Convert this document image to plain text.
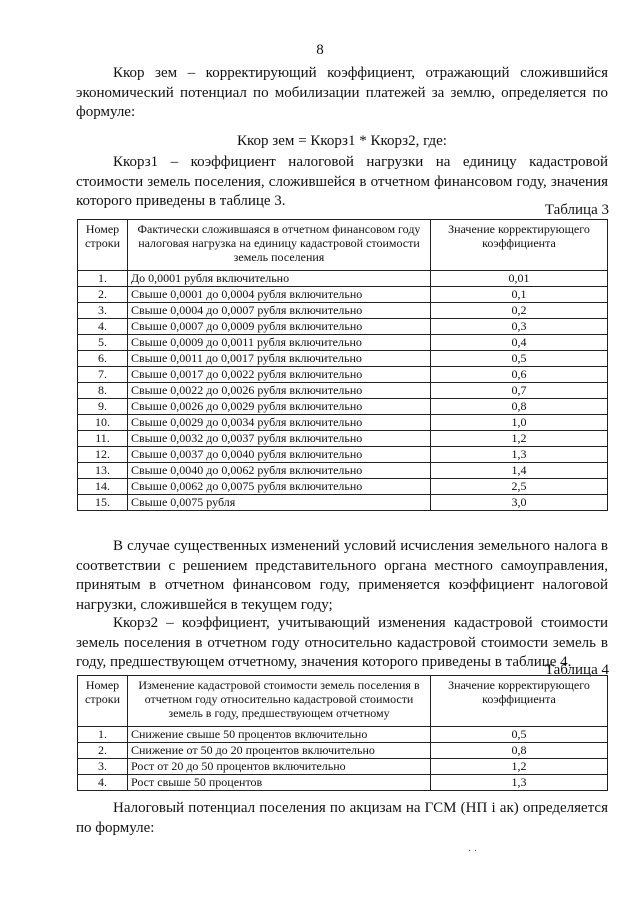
8

Ккор зем – корректирующий коэффициент, отражающий сложившийся экономический потенциал по мобилизации платежей за землю, определяется по формуле:

Ккор зем = Ккорз1 * Ккорз2, где:

Ккорз1 – коэффициент налоговой нагрузки на единицу кадастровой стоимости земель поселения, сложившейся в отчетном финансовом году, значения которого приведены в таблице 3.

Таблица 3
Номер строки	Фактически сложившаяся в отчетном финансовом году налоговая нагрузка на единицу кадастровой стоимости земель поселения	Значение корректирующего коэффициента
1.	До 0,0001 рубля включительно	0,01
2.	Свыше 0,0001 до 0,0004 рубля включительно	0,1
3.	Свыше 0,0004 до 0,0007 рубля включительно	0,2
4.	Свыше 0,0007 до 0,0009 рубля включительно	0,3
5.	Свыше 0,0009 до 0,0011 рубля включительно	0,4
6.	Свыше 0,0011 до 0,0017 рубля включительно	0,5
7.	Свыше 0,0017 до 0,0022 рубля включительно	0,6
8.	Свыше 0,0022 до 0,0026 рубля включительно	0,7
9.	Свыше 0,0026 до 0,0029 рубля включительно	0,8
10.	Свыше 0,0029 до 0,0034 рубля включительно	1,0
11.	Свыше 0,0032 до 0,0037 рубля включительно	1,2
12.	Свыше 0,0037 до 0,0040 рубля включительно	1,3
13.	Свыше 0,0040 до 0,0062 рубля включительно	1,4
14.	Свыше 0,0062 до 0,0075 рубля включительно	2,5
15.	Свыше 0,0075 рубля	3,0

В случае существенных изменений условий исчисления земельного налога в соответствии с решением представительного органа местного самоуправления, принятым в отчетном финансовом году, применяется коэффициент налоговой нагрузки, сложившейся в текущем году;

Ккорз2 – коэффициент, учитывающий изменения кадастровой стоимости земель поселения в отчетном году относительно кадастровой стоимости земель в году, предшествующем отчетному, значения которого приведены в таблице 4.

Таблица 4
Номер строки	Изменение кадастровой стоимости земель поселения в отчетном году относительно кадастровой стоимости земель в году, предшествующем отчетному	Значение корректирующего коэффициента
1.	Снижение свыше 50 процентов включительно	0,5
2.	Снижение от 50 до 20 процентов включительно	0,8
3.	Рост от 20 до 50 процентов включительно	1,2
4.	Рост свыше 50 процентов	1,3

Налоговый потенциал поселения по акцизам на ГСМ (НП i ак) определяется по формуле:

· ·
